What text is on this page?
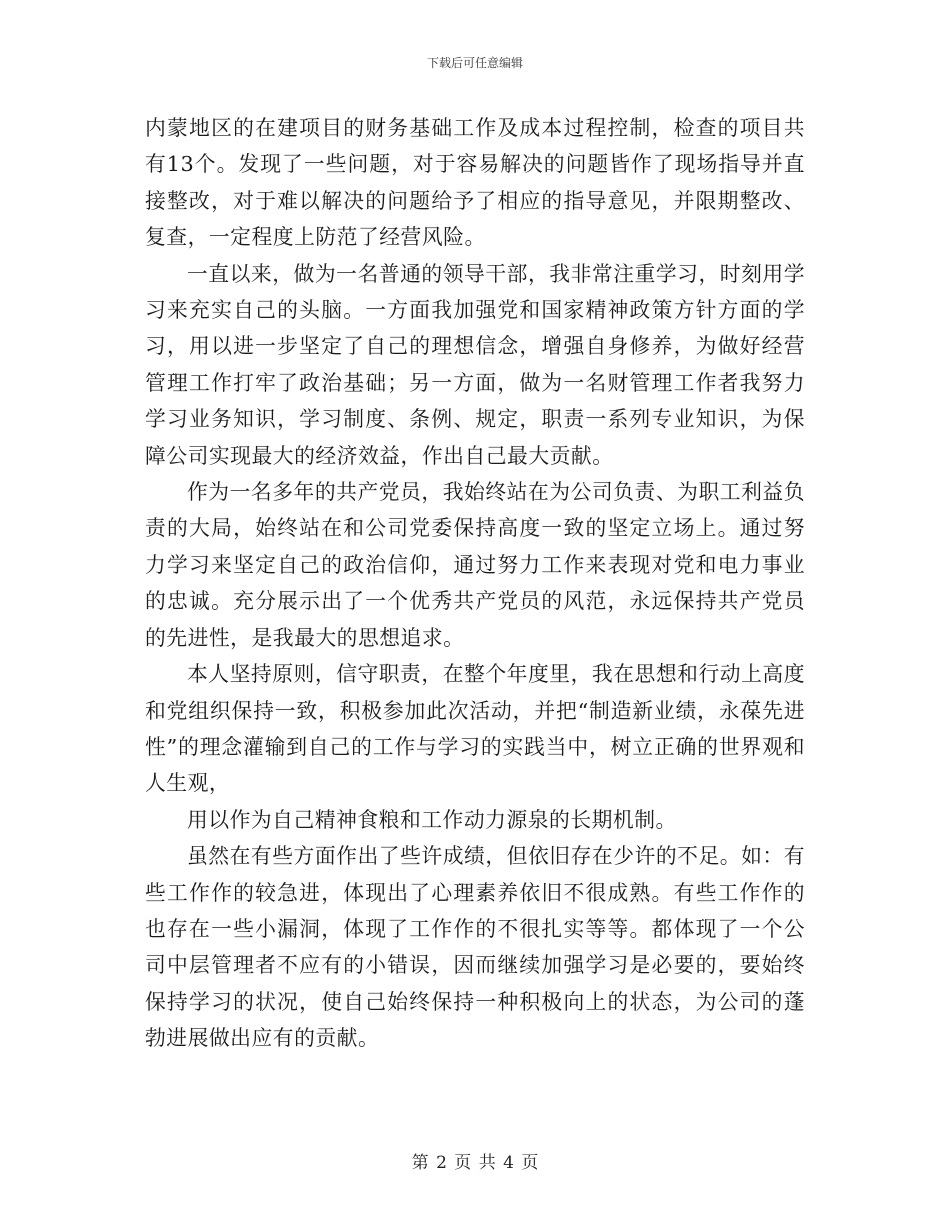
下载后可任意编辑

内蒙地区的在建项目的财务基础工作及成本过程控制，检查的项目共有13个。发现了一些问题，对于容易解决的问题皆作了现场指导并直接整改，对于难以解决的问题给予了相应的指导意见，并限期整改、复查，一定程度上防范了经营风险。

一直以来，做为一名普通的领导干部，我非常注重学习，时刻用学习来充实自己的头脑。一方面我加强党和国家精神政策方针方面的学习，用以进一步坚定了自己的理想信念，增强自身修养，为做好经营管理工作打牢了政治基础；另一方面，做为一名财管理工作者我努力学习业务知识，学习制度、条例、规定，职责一系列专业知识，为保障公司实现最大的经济效益，作出自己最大贡献。

作为一名多年的共产党员，我始终站在为公司负责、为职工利益负责的大局，始终站在和公司党委保持高度一致的坚定立场上。通过努力学习来坚定自己的政治信仰，通过努力工作来表现对党和电力事业的忠诚。充分展示出了一个优秀共产党员的风范，永远保持共产党员的先进性，是我最大的思想追求。

本人坚持原则，信守职责，在整个年度里，我在思想和行动上高度和党组织保持一致，积极参加此次活动，并把“制造新业绩，永葆先进性”的理念灌输到自己的工作与学习的实践当中，树立正确的世界观和人生观，

用以作为自己精神食粮和工作动力源泉的长期机制。

虽然在有些方面作出了些许成绩，但依旧存在少许的不足。如：有些工作作的较急进，体现出了心理素养依旧不很成熟。有些工作作的也存在一些小漏洞，体现了工作作的不很扎实等等。都体现了一个公司中层管理者不应有的小错误，因而继续加强学习是必要的，要始终保持学习的状况，使自己始终保持一种积极向上的状态，为公司的蓬勃进展做出应有的贡献。

第 2 页 共 4 页
